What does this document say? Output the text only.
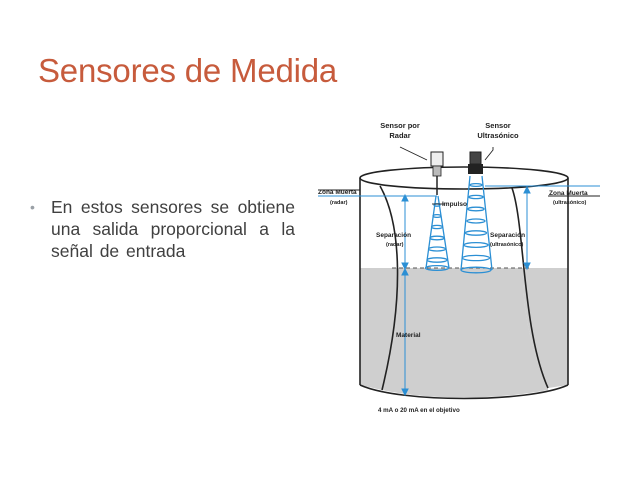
Sensores de Medida
• En estos sensores se obtiene una salida proporcional a la señal de entrada
Sensor por
Radar
Sensor
Ultrasónico
Zona Muerta
(radar)	Impulso
Zona Muerta
(ultrasónico)
Separación
(radar)
Separación
(ultrasónico)
Material
4 mA o 20 mA en el objetivo
